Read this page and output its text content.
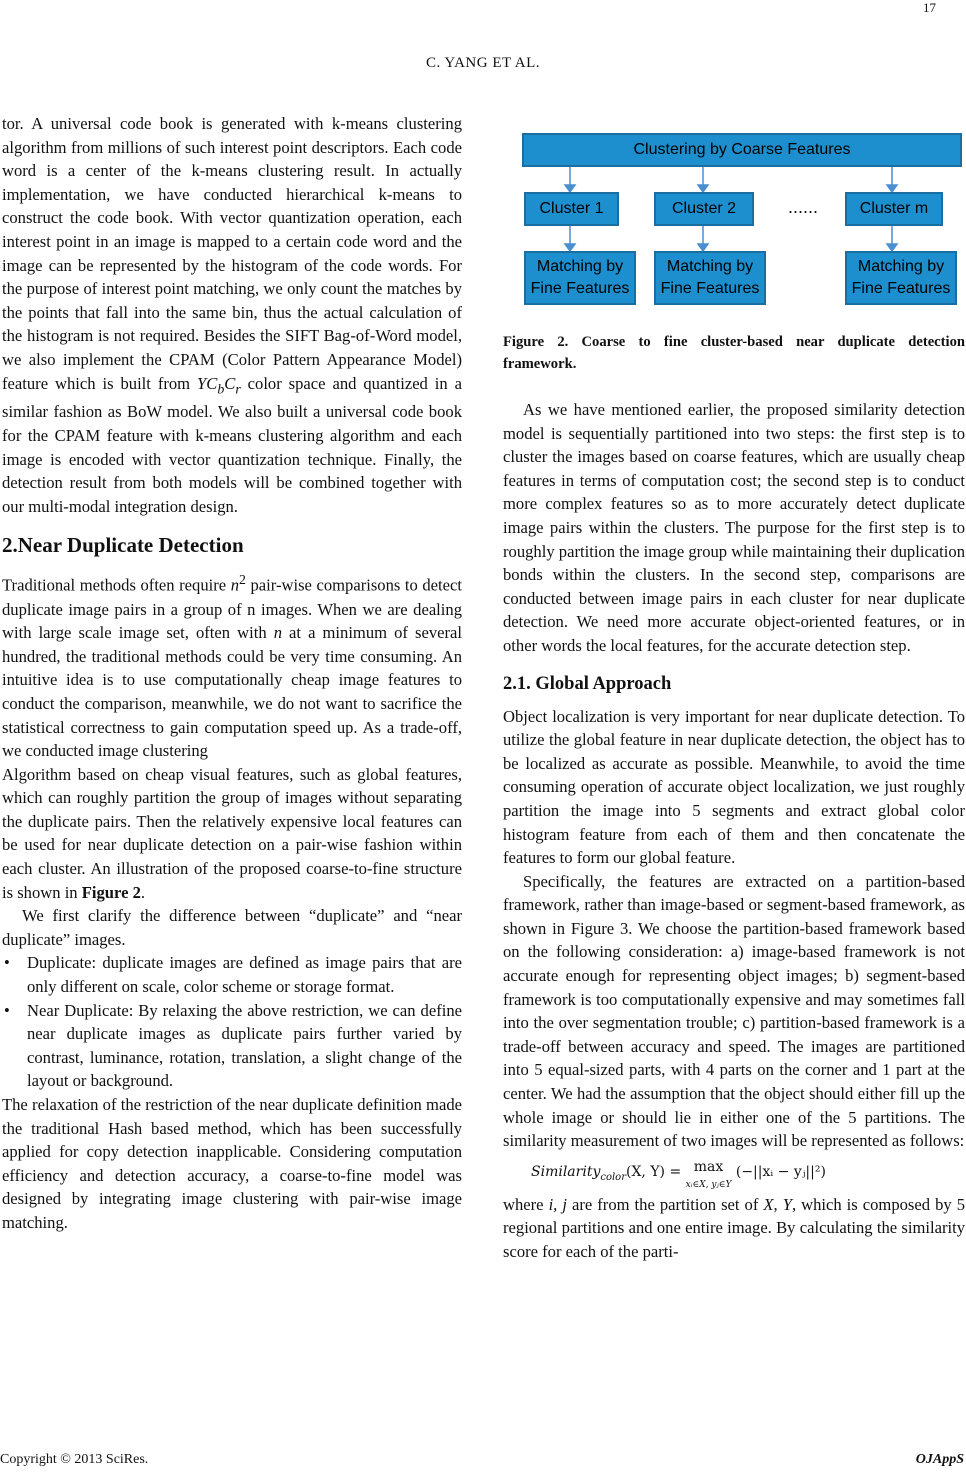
17
C. YANG ET AL.

tor. A universal code book is generated with k-means clustering algorithm from millions of such interest point descriptors. Each code word is a center of the k-means clustering result. In actually implementation, we have conducted hierarchical k-means to construct the code book. With vector quantization operation, each interest point in an image is mapped to a certain code word and the image can be represented by the histogram of the code words. For the purpose of interest point matching, we only count the matches by the points that fall into the same bin, thus the actual calculation of the histogram is not required. Besides the SIFT Bag-of-Word model, we also implement the CPAM (Color Pattern Appearance Model) feature which is built from $YC_bC_r$ color space and quantized in a similar fashion as BoW model. We also built a universal code book for the CPAM feature with k-means clustering algorithm and each image is encoded with vector quantization technique. Finally, the detection result from both models will be combined together with our multi-modal integration design.

2.Near Duplicate Detection

Traditional methods often require $n^2$ pair-wise comparisons to detect duplicate image pairs in a group of n images. When we are dealing with large scale image set, often with n at a minimum of several hundred, the traditional methods could be very time consuming. An intuitive idea is to use computationally cheap image features to conduct the comparison, meanwhile, we do not want to sacrifice the statistical correctness to gain computation speed up. As a trade-off, we conducted image clustering

Algorithm based on cheap visual features, such as global features, which can roughly partition the group of images without separating the duplicate pairs. Then the relatively expensive local features can be used for near duplicate detection on a pair-wise fashion within each cluster. An illustration of the proposed coarse-to-fine structure is shown in Figure 2.

We first clarify the difference between “duplicate” and “near duplicate” images.

• Duplicate: duplicate images are defined as image pairs that are only different on scale, color scheme or storage format.
• Near Duplicate: By relaxing the above restriction, we can define near duplicate images as duplicate pairs further varied by contrast, luminance, rotation, translation, a slight change of the layout or background.

The relaxation of the restriction of the near duplicate definition made the traditional Hash based method, which has been successfully applied for copy detection inapplicable. Considering computation efficiency and detection accuracy, a coarse-to-fine model was designed by integrating image clustering with pair-wise image matching.

Clustering by Coarse Features
Cluster 1	Cluster 2	......	Cluster m
Matching by
Fine Features
Matching by
Fine Features
Matching by
Fine Features
Figure 2. Coarse to fine cluster-based near duplicate detection framework.

As we have mentioned earlier, the proposed similarity detection model is sequentially partitioned into two steps: the first step is to cluster the images based on coarse features, which are usually cheap features in terms of computation cost; the second step is to conduct more complex features so as to more accurately detect duplicate image pairs within the clusters. The purpose for the first step is to roughly partition the image group while maintaining their duplication bonds within the clusters. In the second step, comparisons are conducted between image pairs in each cluster for near duplicate detection. We need more accurate object-oriented features, or in other words the local features, for the accurate detection step.

2.1. Global Approach

Object localization is very important for near duplicate detection. To utilize the global feature in near duplicate detection, the object has to be localized as accurate as possible. Meanwhile, to avoid the time consuming operation of accurate object localization, we just roughly partition the image into 5 segments and extract global color histogram feature from each of them and then concatenate the features to form our global feature.

Specifically, the features are extracted on a partition-based framework, rather than image-based or segment-based framework, as shown in Figure 3. We choose the partition-based framework based on the following consideration: a) image-based framework is not accurate enough for representing object images; b) segment-based framework is too computationally expensive and may sometimes fall into the over segmentation trouble; c) partition-based framework is a trade-off between accuracy and speed. The images are partitioned into 5 equal-sized parts, with 4 parts on the corner and 1 part at the center. We had the assumption that the object should either fill up the whole image or should lie in either one of the 5 partitions. The similarity measurement of two images will be represented as follows:

Similarity$_{color}$(X, Y) = max
xᵢ∈X, yⱼ∈Y (−||xᵢ − yⱼ||²)

where i, j are from the partition set of X, Y, which is composed by 5 regional partitions and one entire image. By calculating the similarity score for each of the parti-

Copyright © 2013 SciRes.	OJAppS
